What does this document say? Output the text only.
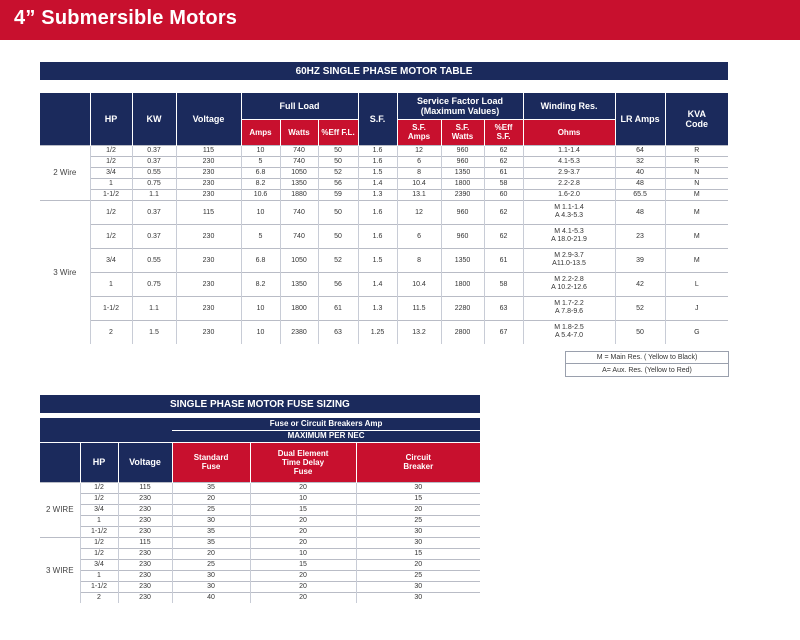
4” Submersible Motors
60HZ SINGLE PHASE MOTOR TABLE
	HP	KW	Voltage	Full Load			S.F.	Service Factor Load
(Maximum Values)			Winding Res.	LR Amps	KVA
Code
				Amps	Watts	%Eff F.L.		S.F.
Amps	S.F.
Watts	%Eff
S.F.	Ohms		
2 Wire	1/2	0.37	115	10	740	50	1.6	12	960	62	1.1-1.4	64	R
	1/2	0.37	230	5	740	50	1.6	6	960	62	4.1-5.3	32	R
	3/4	0.55	230	6.8	1050	52	1.5	8	1350	61	2.9-3.7	40	N
	1	0.75	230	8.2	1350	56	1.4	10.4	1800	58	2.2-2.8	48	N
	1-1/2	1.1	230	10.6	1880	59	1.3	13.1	2390	60	1.6-2.0	65.5	M
3 Wire	1/2	0.37	115	10	740	50	1.6	12	960	62	M 1.1-1.4
A 4.3-5.3	48	M
	1/2	0.37	230	5	740	50	1.6	6	960	62	M 4.1-5.3
A 18.0-21.9	23	M
	3/4	0.55	230	6.8	1050	52	1.5	8	1350	61	M 2.9-3.7
A11.0-13.5	39	M
	1	0.75	230	8.2	1350	56	1.4	10.4	1800	58	M 2.2-2.8
A 10.2-12.6	42	L
	1-1/2	1.1	230	10	1800	61	1.3	11.5	2280	63	M 1.7-2.2
A 7.8-9.6	52	J
	2	1.5	230	10	2380	63	1.25	13.2	2800	67	M 1.8-2.5
A 5.4-7.0	50	G
M = Main Res. ( Yellow to Black)
A= Aux. Res. (Yellow to Red)
SINGLE PHASE MOTOR FUSE SIZING
			Fuse or Circuit Breakers Amp		
			MAXIMUM PER NEC		
	HP	Voltage	Standard
Fuse	Dual Element
Time Delay
Fuse	Circuit
Breaker
2 WIRE	1/2	115	35	20	30
	1/2	230	20	10	15
	3/4	230	25	15	20
	1	230	30	20	25
	1-1/2	230	35	20	30
3 WIRE	1/2	115	35	20	30
	1/2	230	20	10	15
	3/4	230	25	15	20
	1	230	30	20	25
	1-1/2	230	30	20	30
	2	230	40	20	30
